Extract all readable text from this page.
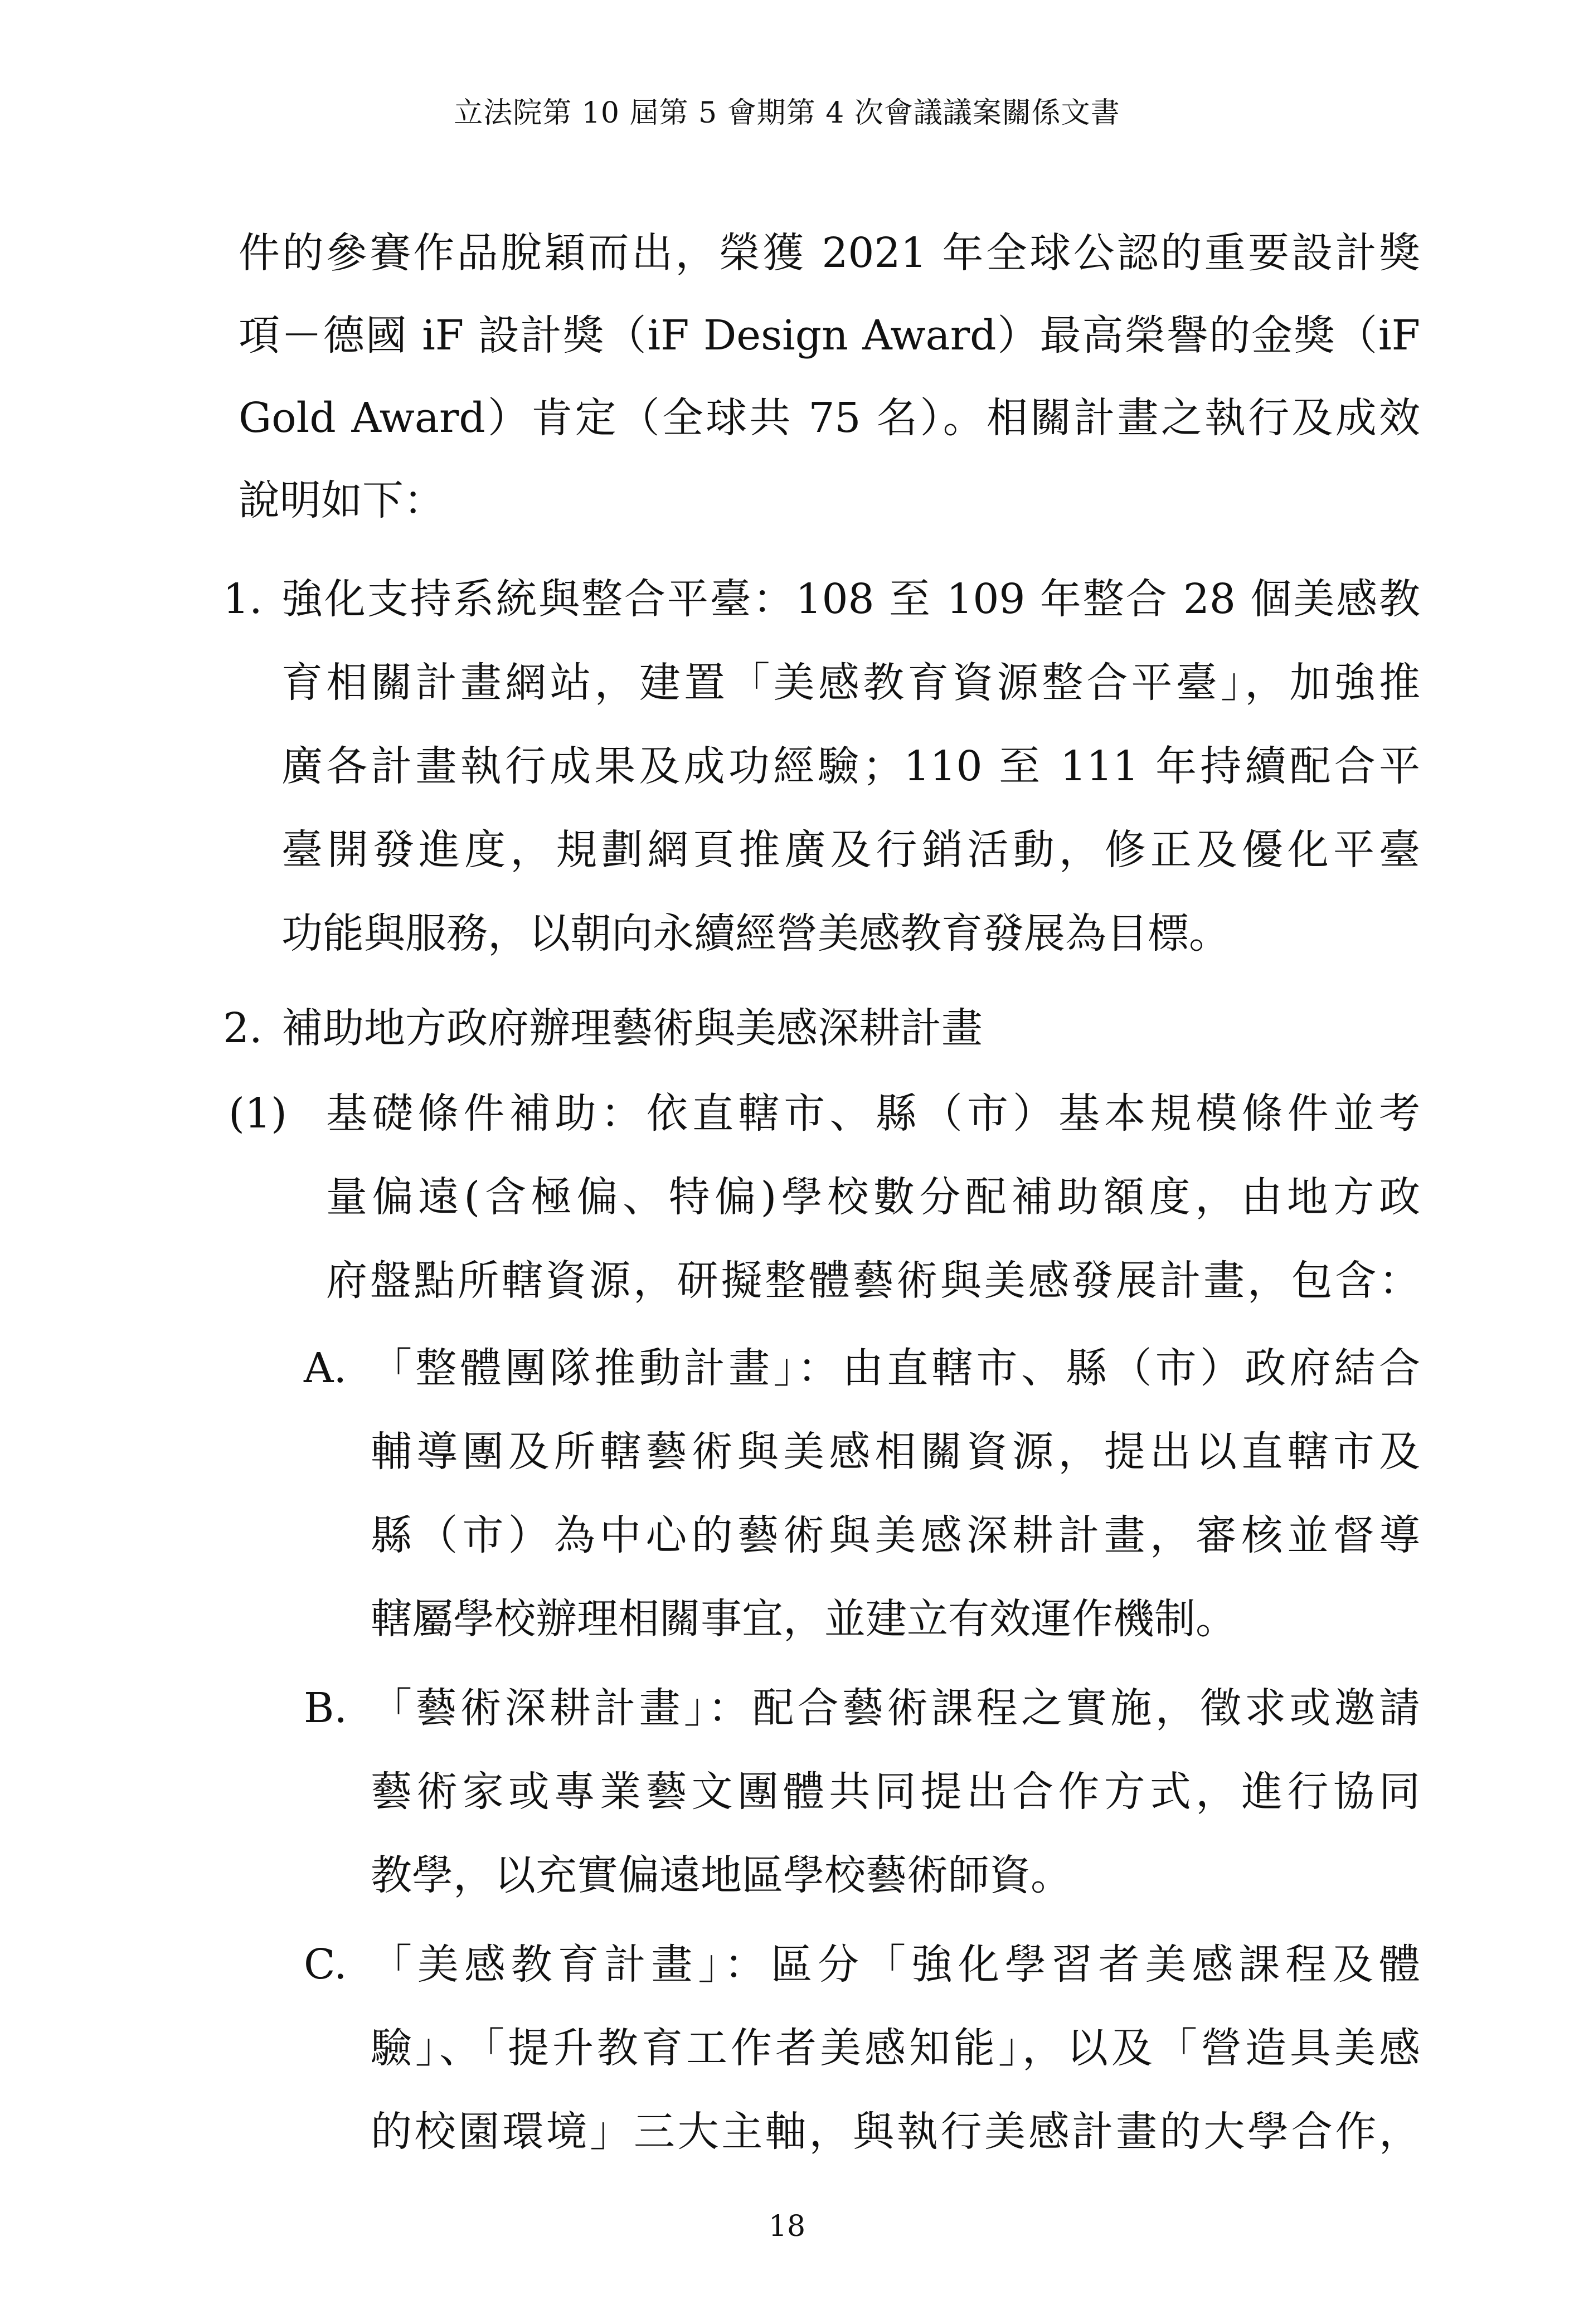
立法院第 10 屆第 5 會期第 4 次會議議案關係文書
件的參賽作品脫穎而出，榮獲 2021 年全球公認的重要設計獎
項－德國 iF 設計獎（iF Design Award）最高榮譽的金獎（iF
Gold Award）肯定（全球共 75 名）。相關計畫之執行及成效
說明如下：
1. 強化支持系統與整合平臺：108 至 109 年整合 28 個美感教
育相關計畫網站，建置「美感教育資源整合平臺」，加強推
廣各計畫執行成果及成功經驗；110 至 111 年持續配合平
臺開發進度，規劃網頁推廣及行銷活動，修正及優化平臺
功能與服務，以朝向永續經營美感教育發展為目標。
2. 補助地方政府辦理藝術與美感深耕計畫
(1) 基礎條件補助：依直轄市、縣（市）基本規模條件並考
量偏遠(含極偏、特偏)學校數分配補助額度，由地方政
府盤點所轄資源，研擬整體藝術與美感發展計畫，包含：
A. 「整體團隊推動計畫」：由直轄市、縣（市）政府結合
輔導團及所轄藝術與美感相關資源，提出以直轄市及
縣（市）為中心的藝術與美感深耕計畫，審核並督導
轄屬學校辦理相關事宜，並建立有效運作機制。
B. 「藝術深耕計畫」：配合藝術課程之實施，徵求或邀請
藝術家或專業藝文團體共同提出合作方式，進行協同
教學，以充實偏遠地區學校藝術師資。
C. 「美感教育計畫」：區分「強化學習者美感課程及體
驗」、「提升教育工作者美感知能」，以及「營造具美感
的校園環境」三大主軸，與執行美感計畫的大學合作，
18
